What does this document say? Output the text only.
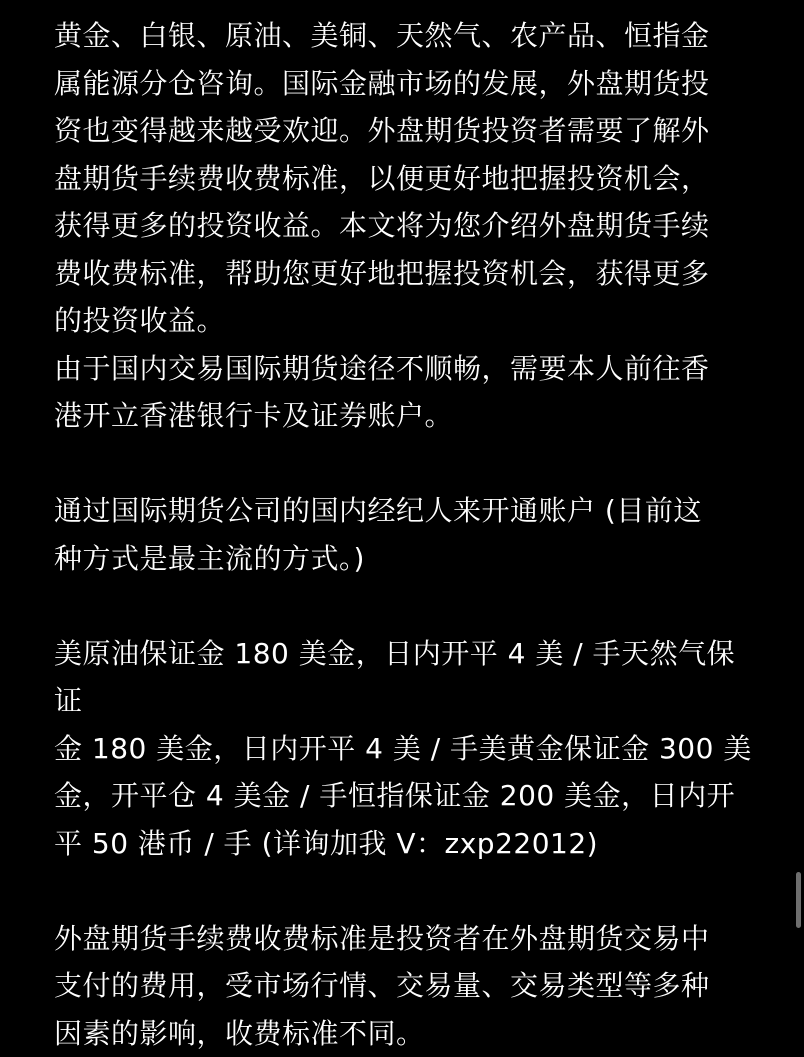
黄金、白银、原油、美铜、天然气、农产品、恒指金
属能源分仓咨询。国际金融市场的发展，外盘期货投
资也变得越来越受欢迎。外盘期货投资者需要了解外
盘期货手续费收费标准，以便更好地把握投资机会，
获得更多的投资收益。本文将为您介绍外盘期货手续
费收费标准，帮助您更好地把握投资机会，获得更多
的投资收益。

由于国内交易国际期货途径不顺畅，需要本人前往香
港开立香港银行卡及证券账户。

通过国际期货公司的国内经纪人来开通账户 (目前这
种方式是最主流的方式。)

美原油保证金 180 美金，日内开平 4 美 / 手天然气保证
金 180 美金，日内开平 4 美 / 手美黄金保证金 300 美
金，开平仓 4 美金 / 手恒指保证金 200 美金，日内开
平 50 港币 / 手 (详询加我 V：zxp22012)

外盘期货手续费收费标准是投资者在外盘期货交易中
支付的费用，受市场行情、交易量、交易类型等多种
因素的影响，收费标准不同。
